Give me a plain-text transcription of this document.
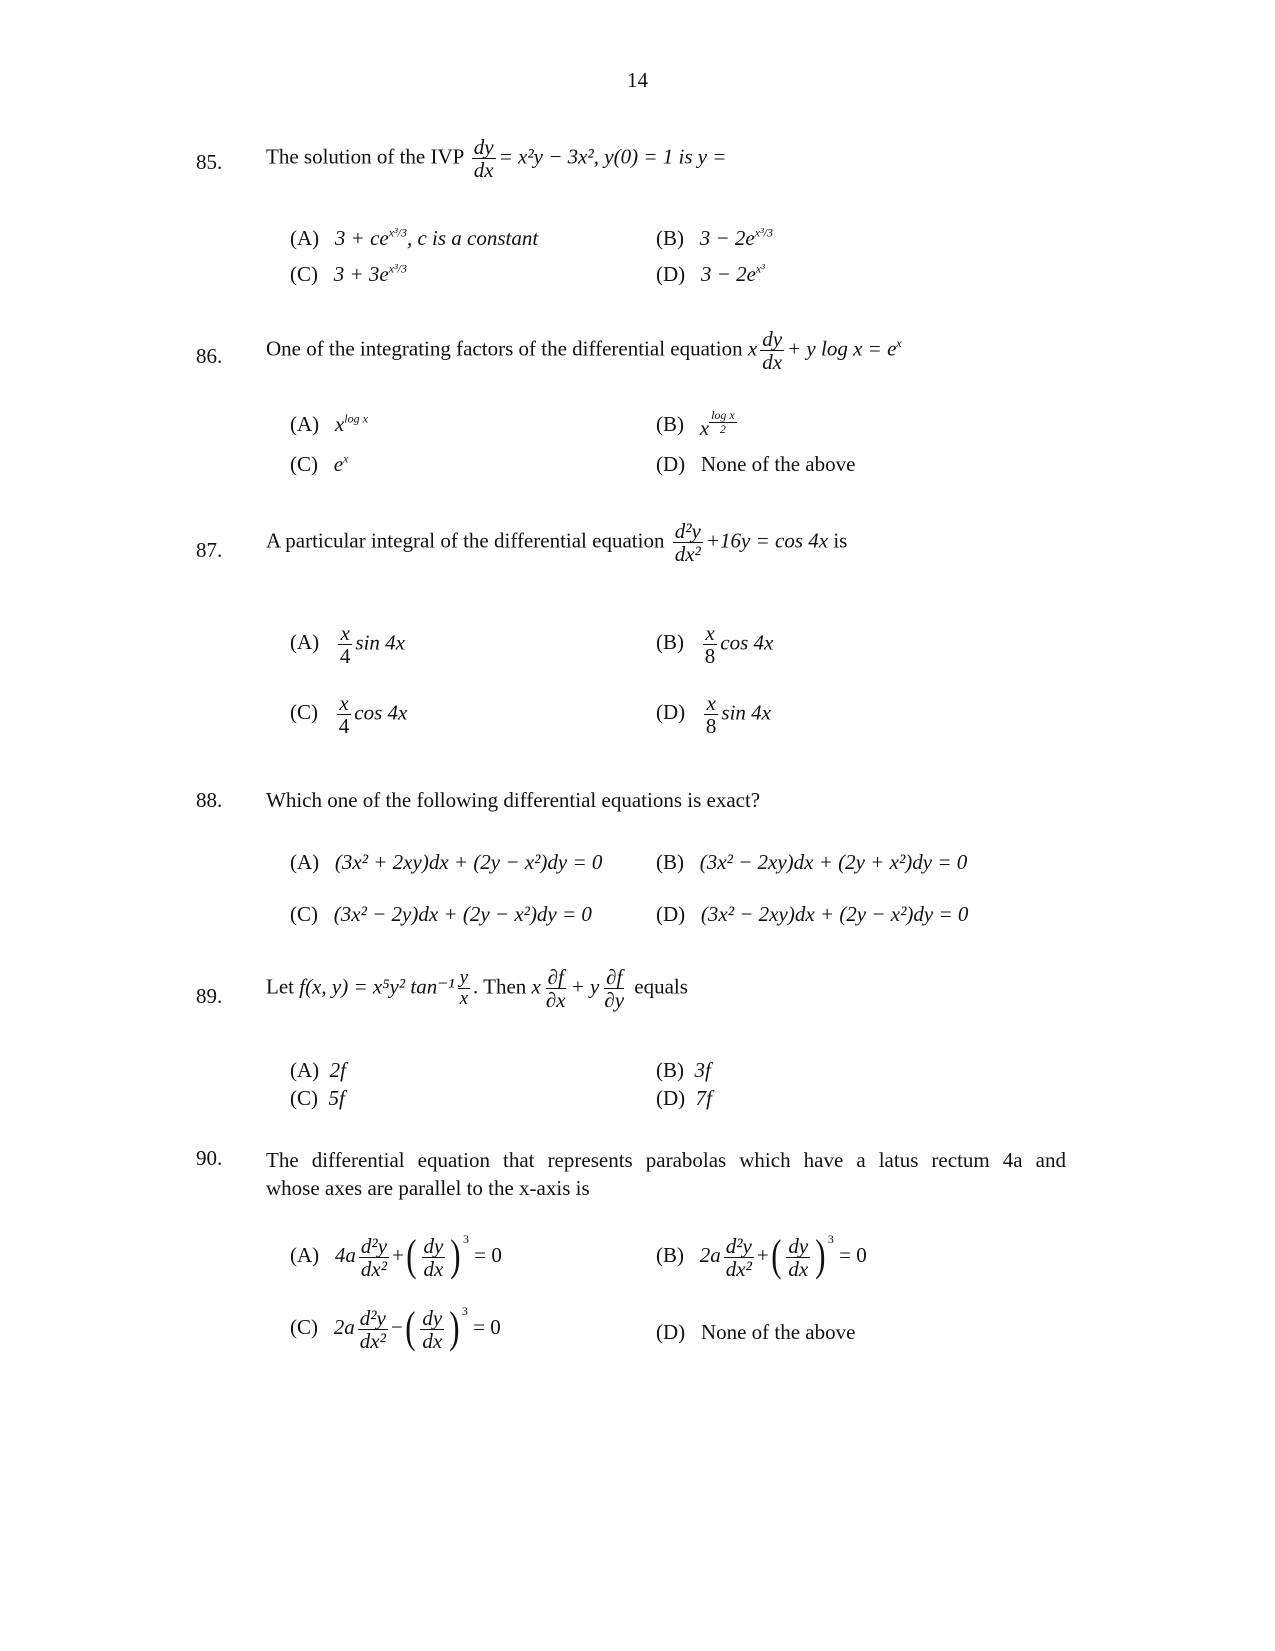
14
85. The solution of the IVP $\frac{dy}{dx} = x^2y - 3x^2$, y(0) = 1 is y =
(A) $3 + ce^{x^3/3}$, c is a constant	(B) $3 - 2e^{x^3/3}$
(C) $3 + 3e^{x^3/3}$	(D) $3 - 2e^{x^3}$
86. One of the integrating factors of the differential equation x $\frac{dy}{dx} + y$ $\log x = e^x$
(A) $x^{log x}$	(B) x $\frac{\text{log x}}{2}$
(C) $e^x$	(D) None of the above
87. A particular integral of the differential equation $\frac{\text{d²y}}{\text{dx²}} +16y = \cos 4x$ is
$(A) \frac{x}{4}$ sin 4x	$(B) \frac{x}{8}$ cos 4x
$(C) \frac{x}{4}$ cos 4x	$(D) \frac{x}{8}$ sin 4x
88. Which one of the following differential equations is exact?
(A) (3x² + 2xy)dx + (2y − x²)dy = 0	(B) (3x² − 2xy)dx + (2y + x²)dy = 0
(C) (3x² − 2y)dx + (2y − x²)dy = 0	(D) (3x² − 2xy)dx + (2y − x²)dy = 0
89. Let f(x, y) = x⁵y² $\tan^{-1} \frac{y}{x}$ . Then x $\frac{\partial f}{\partial x} + y \frac{\partial f}{\partial y}$ equals
(A) 2f	(B) 3f
(C) 5f	(D) 7f
90. The differential equation that represents parabolas which have a latus rectum 4a and
whose axes are parallel to the x-axis is
(A) $4a \frac{\text{d²y}}{\text{dx²}}$ +( $\frac{dy}{dx}$ ) $^3$ = 0	(B) $2a \frac{\text{d²y}}{\text{dx²}}$ +( $\frac{dy}{dx}$ ) $^3$ = 0
(C) $2a \frac{\text{d²y}}{\text{dx²}}$ −( $\frac{dy}{dx}$ ) $^3$ = 0	(D) None of the above
